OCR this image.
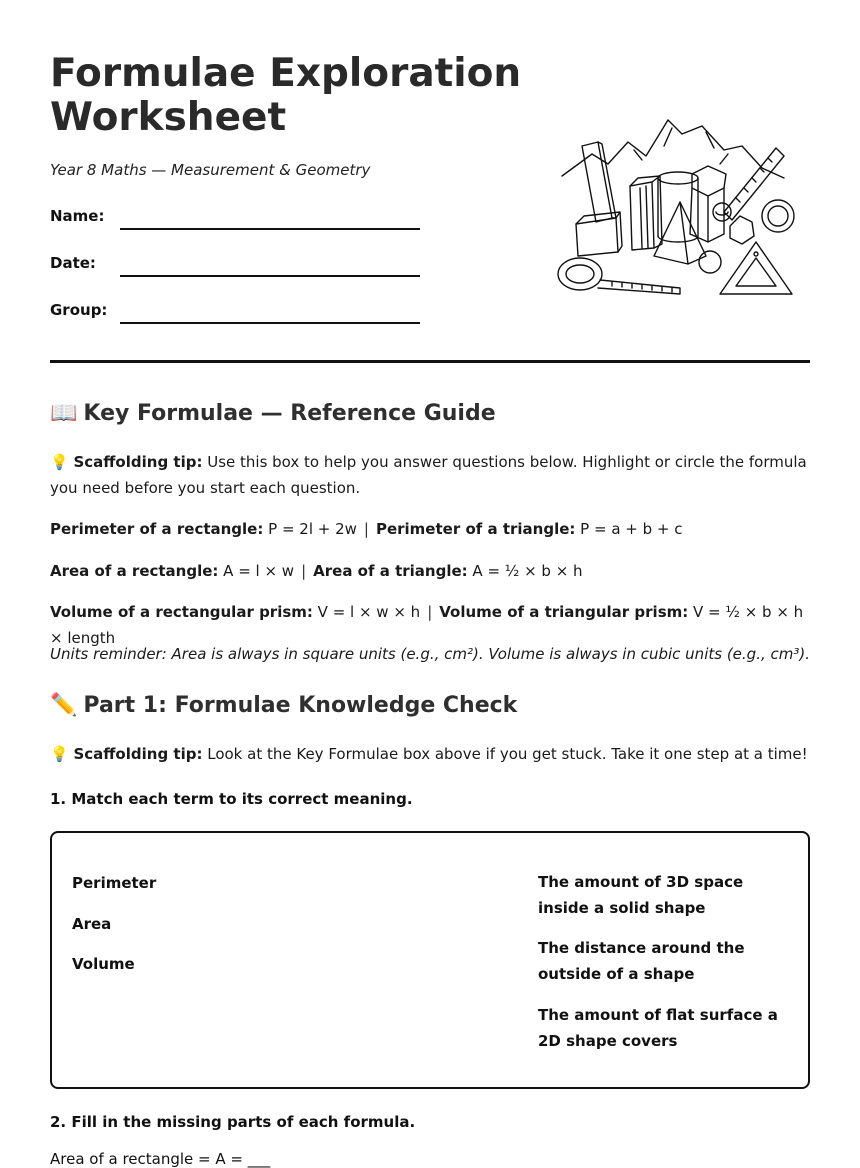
Formulae Exploration Worksheet
Year 8 Maths — Measurement & Geometry
Name:
Date:
Group:
📖 Key Formulae — Reference Guide
💡 Scaffolding tip: Use this box to help you answer questions below. Highlight or circle the formula you need before you start each question.
Perimeter of a rectangle: P = 2l + 2w | Perimeter of a triangle: P = a + b + c
Area of a rectangle: A = l × w | Area of a triangle: A = ½ × b × h
Volume of a rectangular prism: V = l × w × h | Volume of a triangular prism: V = ½ × b × h × length
Units reminder: Area is always in square units (e.g., cm²). Volume is always in cubic units (e.g., cm³).
✏️ Part 1: Formulae Knowledge Check
💡 Scaffolding tip: Look at the Key Formulae box above if you get stuck. Take it one step at a time!
1. Match each term to its correct meaning.
Perimeter
Area
Volume
The amount of 3D space inside a solid shape
The distance around the outside of a shape
The amount of flat surface a 2D shape covers
2. Fill in the missing parts of each formula.
Area of a rectangle = A = ___
